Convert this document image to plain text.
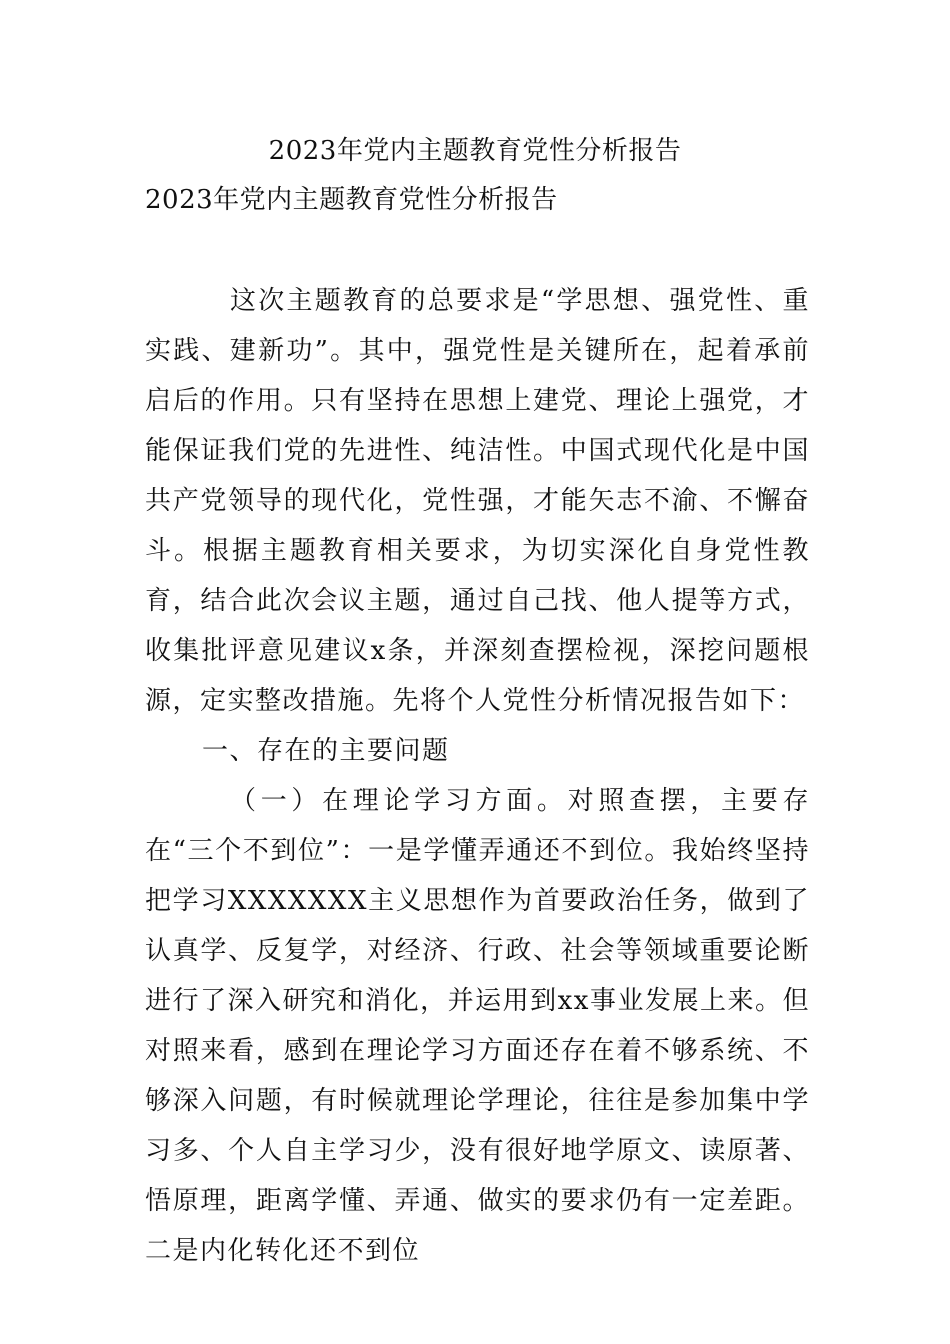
2023年党内主题教育党性分析报告
2023年党内主题教育党性分析报告

这次主题教育的总要求是“学思想、强党性、重实践、建新功”。其中，强党性是关键所在，起着承前启后的作用。只有坚持在思想上建党、理论上强党，才能保证我们党的先进性、纯洁性。中国式现代化是中国共产党领导的现代化，党性强，才能矢志不渝、不懈奋斗。根据主题教育相关要求，为切实深化自身党性教育，结合此次会议主题，通过自己找、他人提等方式，收集批评意见建议x条，并深刻查摆检视，深挖问题根源，定实整改措施。先将个人党性分析情况报告如下：

一、存在的主要问题

（一）在理论学习方面。对照查摆，主要存在“三个不到位”：一是学懂弄通还不到位。我始终坚持把学习XXXXXXX主义思想作为首要政治任务，做到了认真学、反复学，对经济、行政、社会等领域重要论断进行了深入研究和消化，并运用到xx事业发展上来。但对照来看，感到在理论学习方面还存在着不够系统、不够深入问题，有时候就理论学理论，往往是参加集中学习多、个人自主学习少，没有很好地学原文、读原著、悟原理，距离学懂、弄通、做实的要求仍有一定差距。二是内化转化还不到位
